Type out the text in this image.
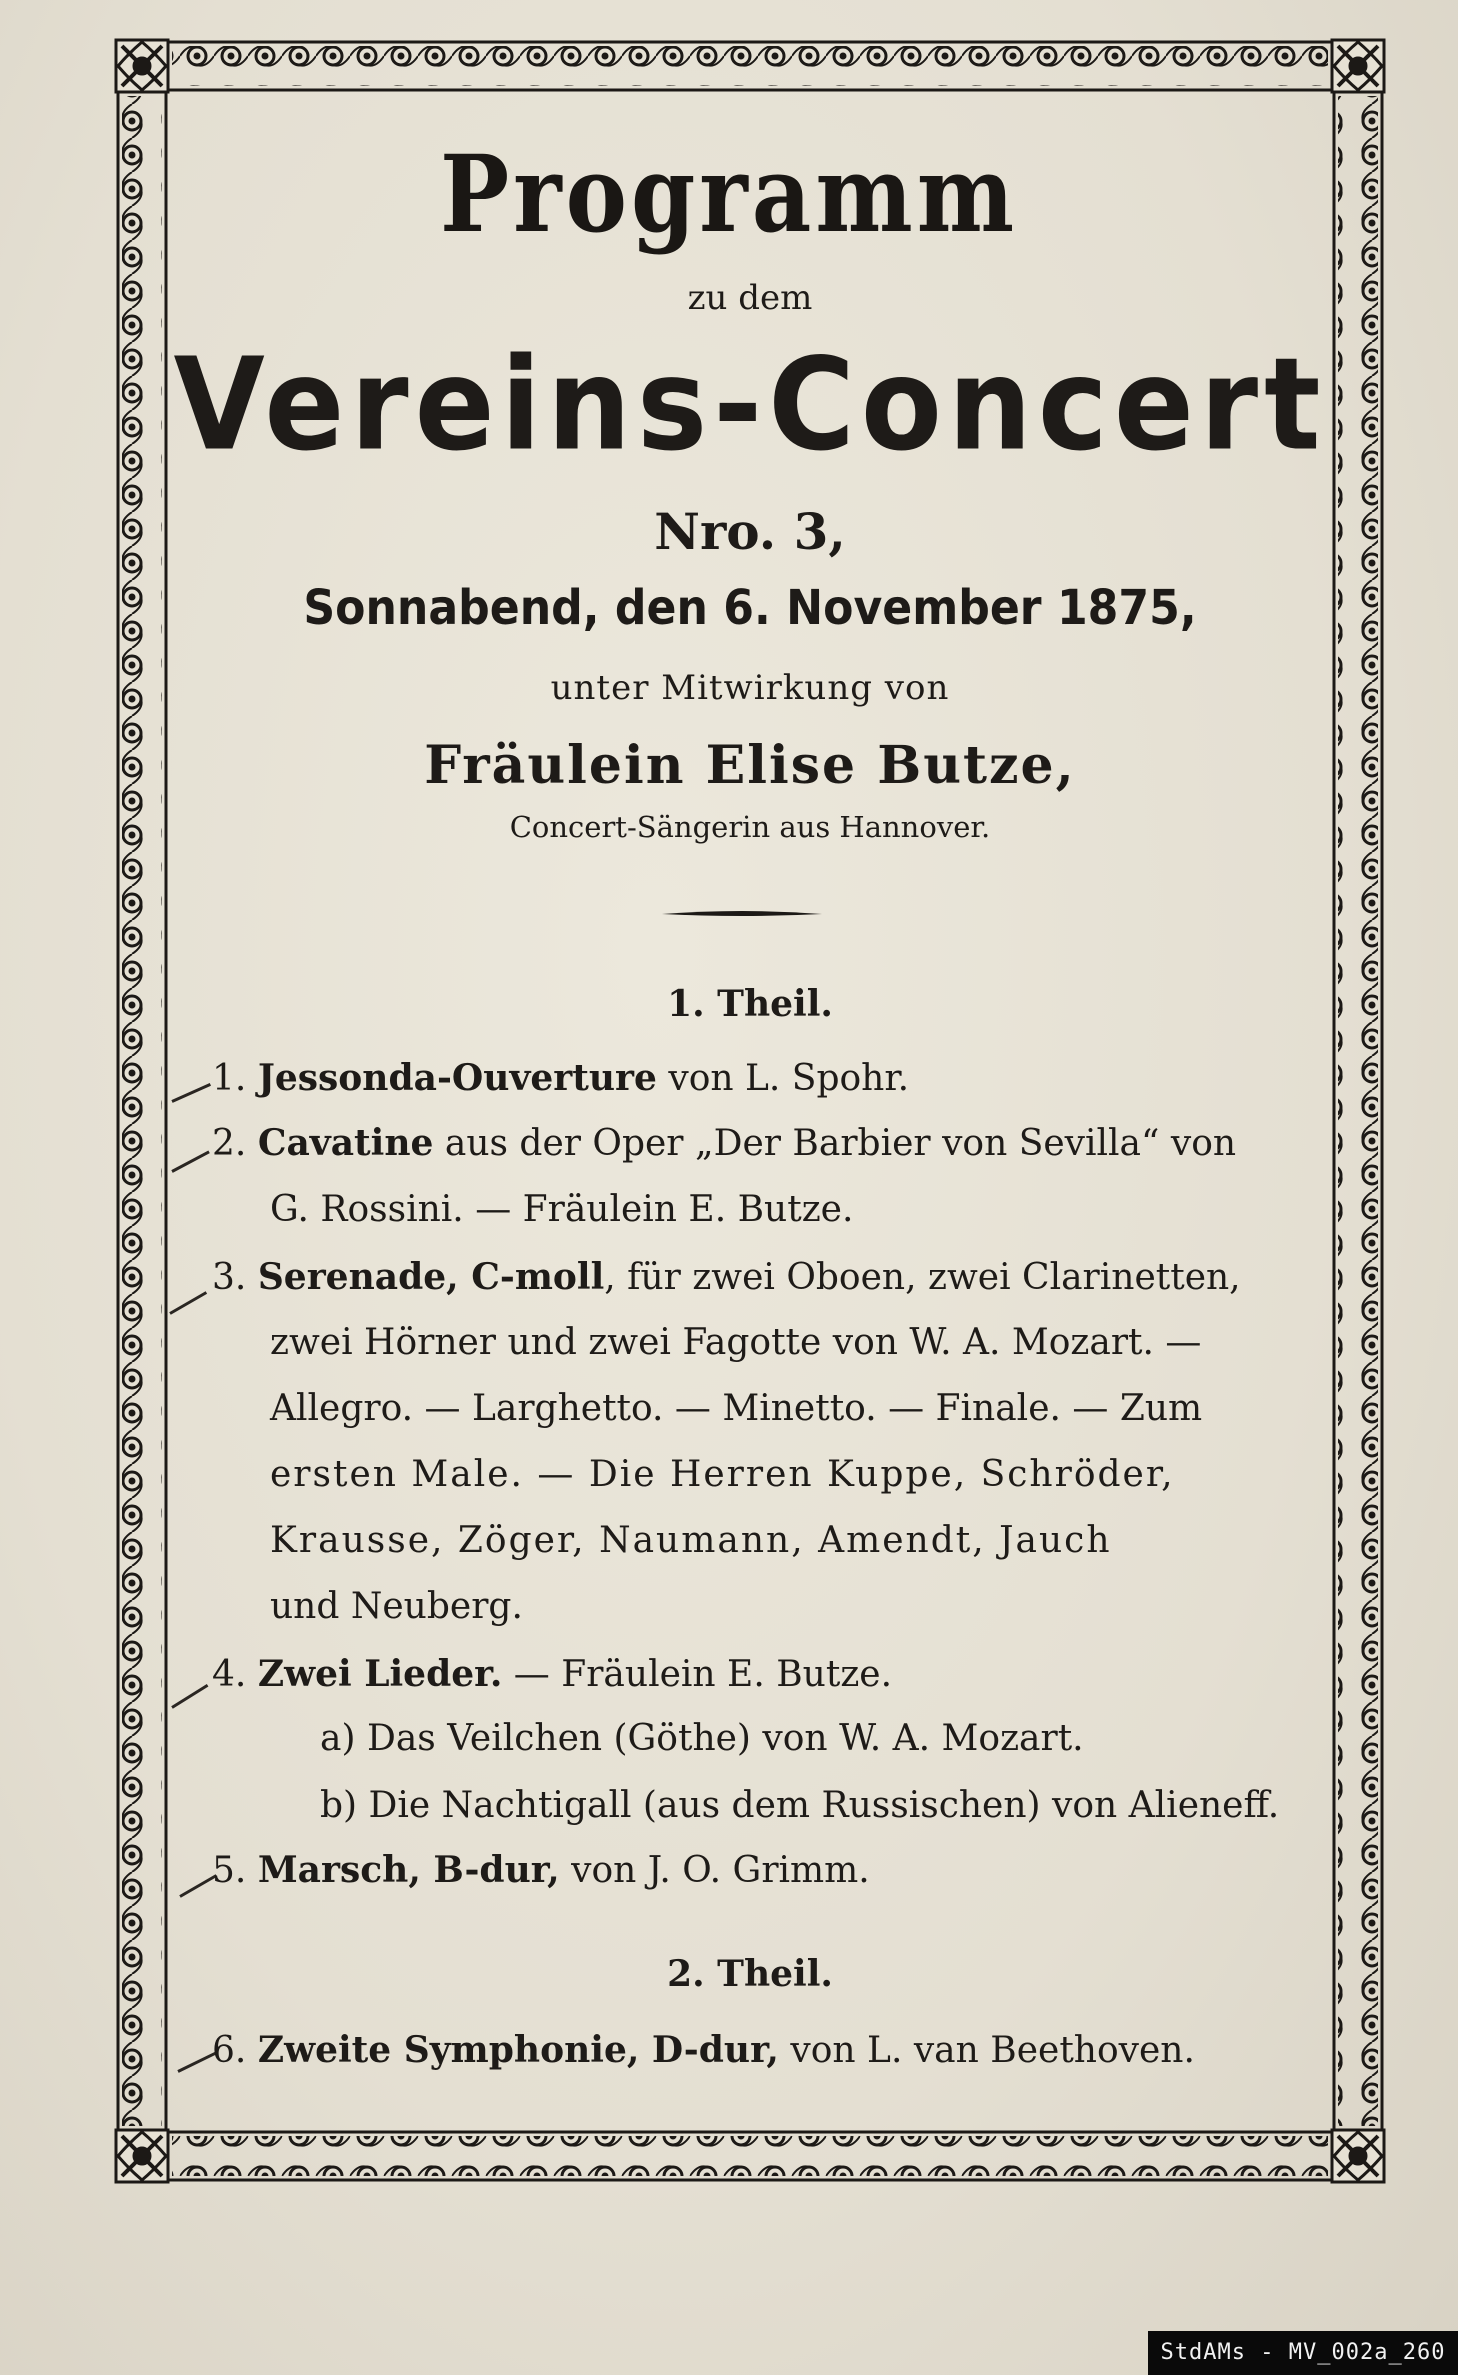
Programm
zu dem
Vereins-Concert
Nro. 3,
Sonnabend, den 6. November 1875,
unter Mitwirkung von
Fräulein Elise Butze,
Concert-Sängerin aus Hannover.
1. Theil.
1. Jessonda-Ouverture von L. Spohr.
2. Cavatine aus der Oper „Der Barbier von Sevilla“ von
G. Rossini. — Fräulein E. Butze.
3. Serenade, C-moll, für zwei Oboen, zwei Clarinetten,
zwei Hörner und zwei Fagotte von W. A. Mozart. —
Allegro. — Larghetto. — Minetto. — Finale. — Zum
ersten Male. — Die Herren Kuppe, Schröder,
Krausse, Zöger, Naumann, Amendt, Jauch
und Neuberg.
4. Zwei Lieder. — Fräulein E. Butze.
a) Das Veilchen (Göthe) von W. A. Mozart.
b) Die Nachtigall (aus dem Russischen) von Alieneff.
5. Marsch, B-dur, von J. O. Grimm.
2. Theil.
6. Zweite Symphonie, D-dur, von L. van Beethoven.
StdAMs - MV_002a_260
